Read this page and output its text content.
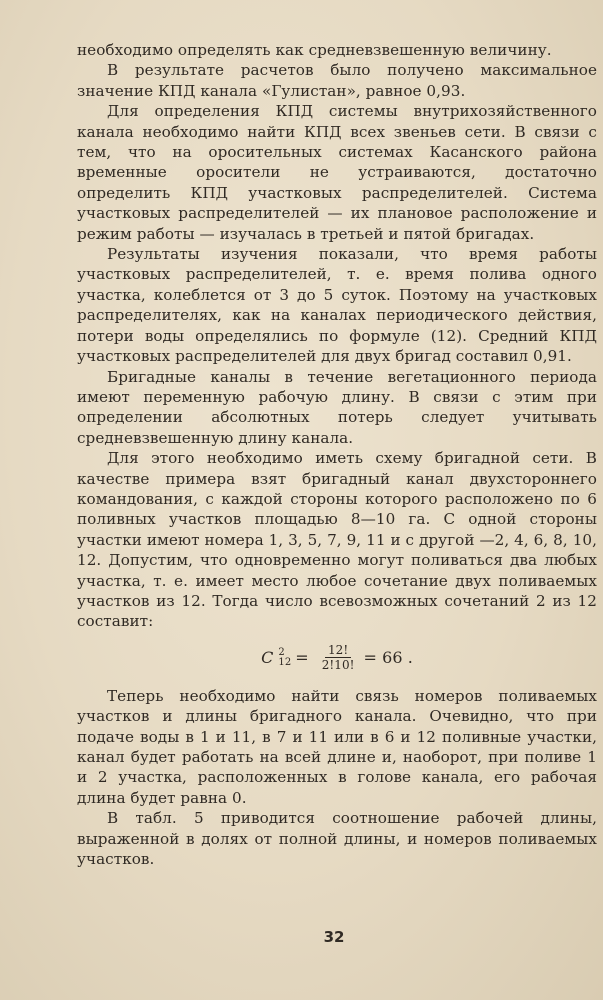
необходимо определять как средневзвешенную величину.

В результате расчетов было получено максимальное значение КПД канала «Гулистан», равное 0,93.

Для определения КПД системы внутрихозяйственного канала необходимо найти КПД всех звеньев сети. В связи с тем, что на оросительных системах Касанского района временные оросители не устраиваются, достаточно определить КПД участковых распределителей. Система участковых распределителей — их плановое расположение и режим работы — изучалась в третьей и пятой бригадах.

Результаты изучения показали, что время работы участковых распределителей, т. е. время полива одного участка, колеблется от 3 до 5 суток. Поэтому на участковых распределителях, как на каналах периодического действия, потери воды определялись по формуле (12). Средний КПД участковых распределителей для двух бригад составил 0,91.

Бригадные каналы в течение вегетационного периода имеют переменную рабочую длину. В связи с этим при определении абсолютных потерь следует учитывать средневзвешенную длину канала.

Для этого необходимо иметь схему бригадной сети. В качестве примера взят бригадный канал двухстороннего командования, с каждой стороны которого расположено по 6 поливных участков площадью 8—10 га. С одной стороны участки имеют номера 1, 3, 5, 7, 9, 11 и с другой —2, 4, 6, 8, 10, 12. Допустим, что одновременно могут поливаться два любых участка, т. е. имеет место любое сочетание двух поливаемых участков из 12. Тогда число всевозможных сочетаний 2 из 12 составит:

C 2
$12 = \frac{12!}{2!10!} = 66$ .

Теперь необходимо найти связь номеров поливаемых участков и длины бригадного канала. Очевидно, что при подаче воды в 1 и 11, в 7 и 11 или в 6 и 12 поливные участки, канал будет работать на всей длине и, наоборот, при поливе 1 и 2 участка, расположенных в голове канала, его рабочая длина будет равна 0.

В табл. 5 приводится соотношение рабочей длины, выраженной в долях от полной длины, и номеров поливаемых участков.

32
